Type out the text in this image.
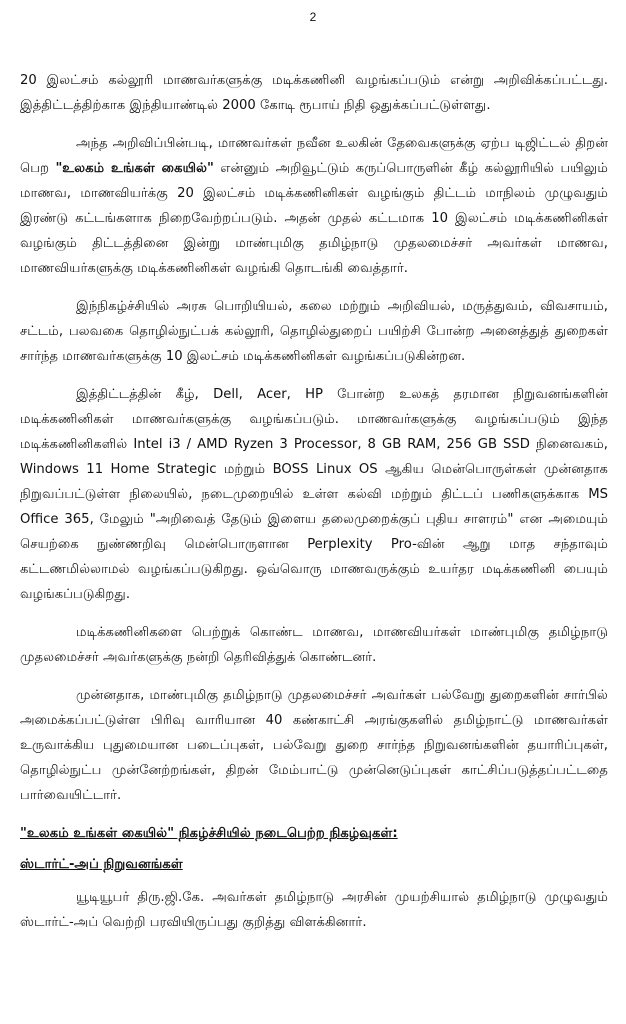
2

20 இலட்சம் கல்லூரி மாணவர்களுக்கு மடிக்கணினி வழங்கப்படும் என்று அறிவிக்கப்பட்டது. இத்திட்டத்திற்காக இந்தியாண்டில் 2000 கோடி ரூபாய் நிதி ஒதுக்கப்பட்டுள்ளது.

அந்த அறிவிப்பின்படி, மாணவர்கள் நவீன உலகின் தேவைகளுக்கு ஏற்ப டிஜிட்டல் திறன் பெற "உலகம் உங்கள் கையில்" என்னும் அறிவூட்டும் கருப்பொருளின் கீழ் கல்லூரியில் பயிலும் மாணவ, மாணவியர்க்கு 20 இலட்சம் மடிக்கணினிகள் வழங்கும் திட்டம் மாநிலம் முழுவதும் இரண்டு கட்டங்களாக நிறைவேற்றப்படும். அதன் முதல் கட்டமாக 10 இலட்சம் மடிக்கணினிகள் வழங்கும் திட்டத்தினை இன்று மாண்புமிகு தமிழ்நாடு முதலமைச்சர் அவர்கள் மாணவ, மாணவியர்களுக்கு மடிக்கணினிகள் வழங்கி தொடங்கி வைத்தார்.

இந்நிகழ்ச்சியில் அரசு பொறியியல், கலை மற்றும் அறிவியல், மருத்துவம், விவசாயம், சட்டம், பலவகை தொழில்நுட்பக் கல்லூரி, தொழில்துறைப் பயிற்சி போன்ற அனைத்துத் துறைகள் சார்ந்த மாணவர்களுக்கு 10 இலட்சம் மடிக்கணினிகள் வழங்கப்படுகின்றன.

இத்திட்டத்தின் கீழ், Dell, Acer, HP போன்ற உலகத் தரமான நிறுவனங்களின் மடிக்கணினிகள் மாணவர்களுக்கு வழங்கப்படும். மாணவர்களுக்கு வழங்கப்படும் இந்த மடிக்கணினிகளில் Intel i3 / AMD Ryzen 3 Processor, 8 GB RAM, 256 GB SSD நினைவகம், Windows 11 Home Strategic மற்றும் BOSS Linux OS ஆகிய மென்பொருள்கள் முன்னதாக நிறுவப்பட்டுள்ள நிலையில், நடைமுறையில் உள்ள கல்வி மற்றும் திட்டப் பணிகளுக்காக MS Office 365, மேலும் "அறிவைத் தேடும் இளைய தலைமுறைக்குப் புதிய சாளரம்" என அமையும் செயற்கை நுண்ணறிவு மென்பொருளான Perplexity Pro-வின் ஆறு மாத சந்தாவும் கட்டணமில்லாமல் வழங்கப்படுகிறது. ஒவ்வொரு மாணவருக்கும் உயர்தர மடிக்கணினி பையும் வழங்கப்படுகிறது.

மடிக்கணினிகளை பெற்றுக் கொண்ட மாணவ, மாணவியர்கள் மாண்புமிகு தமிழ்நாடு முதலமைச்சர் அவர்களுக்கு நன்றி தெரிவித்துக் கொண்டனர்.

முன்னதாக, மாண்புமிகு தமிழ்நாடு முதலமைச்சர் அவர்கள் பல்வேறு துறைகளின் சார்பில் அமைக்கப்பட்டுள்ள பிரிவு வாரியான 40 கண்காட்சி அரங்குகளில் தமிழ்நாட்டு மாணவர்கள் உருவாக்கிய புதுமையான படைப்புகள், பல்வேறு துறை சார்ந்த நிறுவனங்களின் தயாரிப்புகள், தொழில்நுட்ப முன்னேற்றங்கள், திறன் மேம்பாட்டு முன்னெடுப்புகள் காட்சிப்படுத்தப்பட்டதை பார்வையிட்டார்.

"உலகம் உங்கள் கையில்" நிகழ்ச்சியில் நடைபெற்ற நிகழ்வுகள்:
ஸ்டார்ட்-அப் நிறுவனங்கள்

யூடியூபர் திரு.ஜி.கே. அவர்கள் தமிழ்நாடு அரசின் முயற்சியால் தமிழ்நாடு முழுவதும் ஸ்டார்ட்-அப் வெற்றி பரவியிருப்பது குறித்து விளக்கினார்.
